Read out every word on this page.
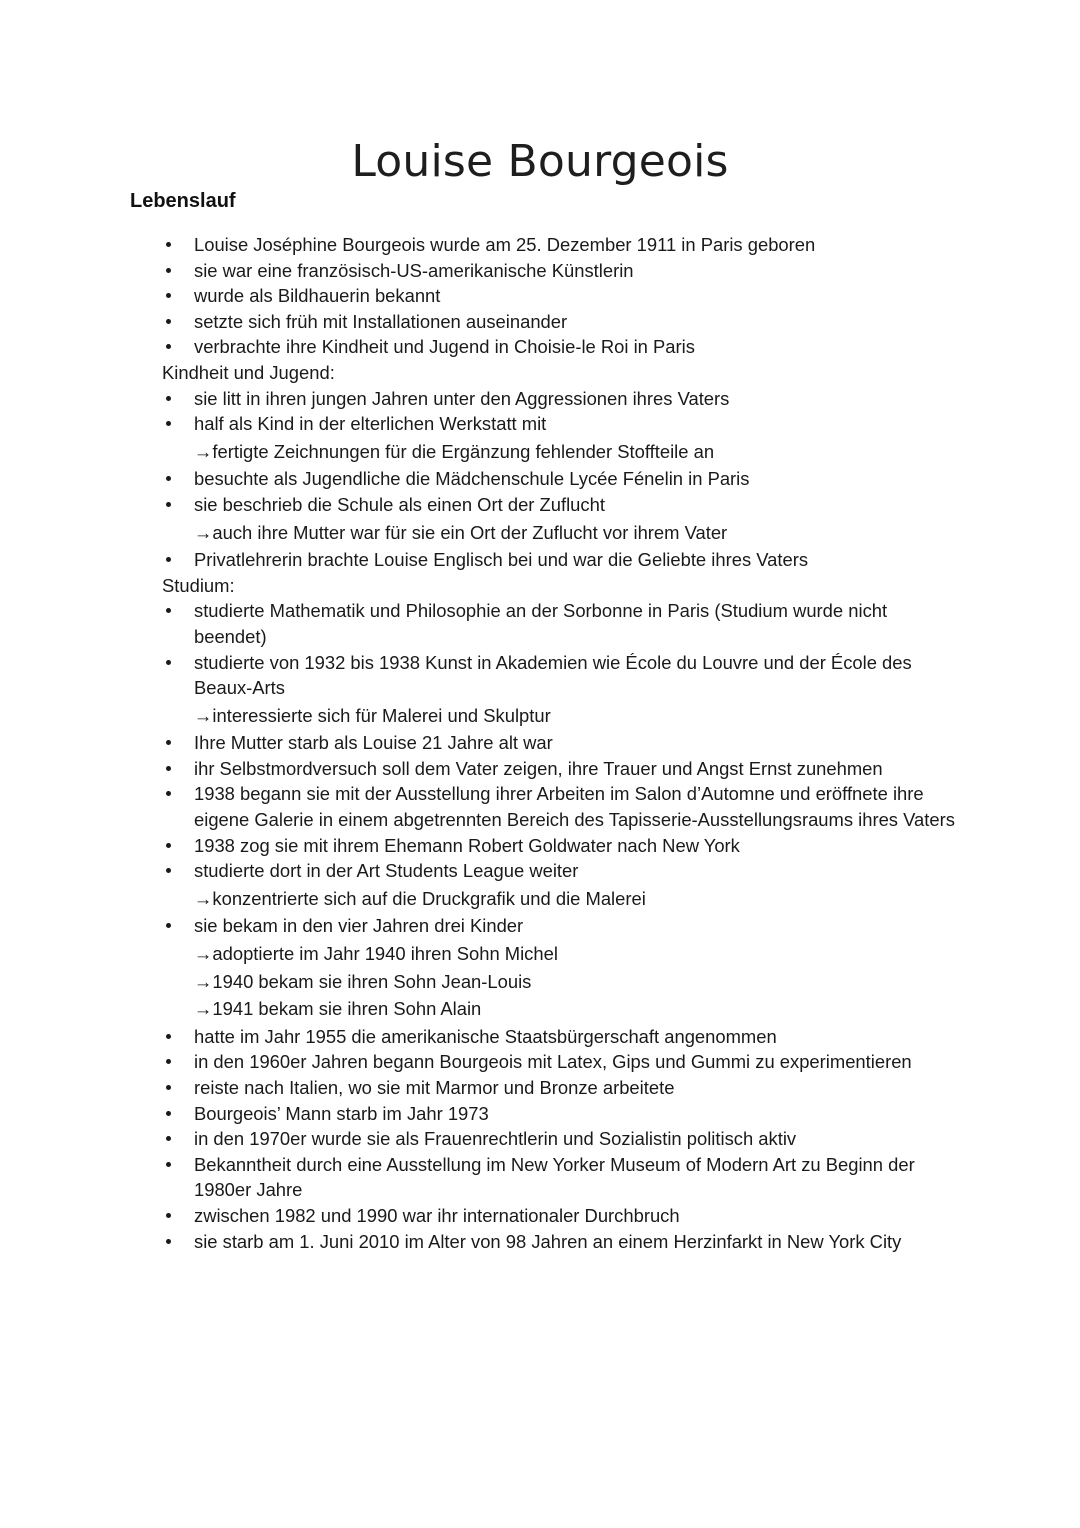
Louise Bourgeois
Lebenslauf
Louise Joséphine Bourgeois wurde am 25. Dezember 1911 in Paris geboren
sie war eine französisch-US-amerikanische Künstlerin
wurde als Bildhauerin bekannt
setzte sich früh mit Installationen auseinander
verbrachte ihre Kindheit und Jugend in Choisie-le Roi in Paris
Kindheit und Jugend:
sie litt in ihren jungen Jahren unter den Aggressionen ihres Vaters
half als Kind in der elterlichen Werkstatt mit
→fertigte Zeichnungen für die Ergänzung fehlender Stoffteile an
besuchte als Jugendliche die Mädchenschule Lycée Fénelin in Paris
sie beschrieb die Schule als einen Ort der Zuflucht
→auch ihre Mutter war für sie ein Ort der Zuflucht vor ihrem Vater
Privatlehrerin brachte Louise Englisch bei und war die Geliebte ihres Vaters
Studium:
studierte Mathematik und Philosophie an der Sorbonne in Paris (Studium wurde nicht beendet)
studierte von 1932 bis 1938 Kunst in Akademien wie École du Louvre und der École des Beaux-Arts
→interessierte sich für Malerei und Skulptur
Ihre Mutter starb als Louise 21 Jahre alt war
ihr Selbstmordversuch soll dem Vater zeigen, ihre Trauer und Angst Ernst zunehmen
1938 begann sie mit der Ausstellung ihrer Arbeiten im Salon d’Automne und eröffnete ihre eigene Galerie in einem abgetrennten Bereich des Tapisserie-Ausstellungsraums ihres Vaters
1938 zog sie mit ihrem Ehemann Robert Goldwater nach New York
studierte dort in der Art Students League weiter
→konzentrierte sich auf die Druckgrafik und die Malerei
sie bekam in den vier Jahren drei Kinder
→adoptierte im Jahr 1940 ihren Sohn Michel
→1940 bekam sie ihren Sohn Jean-Louis
→1941 bekam sie ihren Sohn Alain
hatte im Jahr 1955 die amerikanische Staatsbürgerschaft angenommen
in den 1960er Jahren begann Bourgeois mit Latex, Gips und Gummi zu experimentieren
reiste nach Italien, wo sie mit Marmor und Bronze arbeitete
Bourgeois’ Mann starb im Jahr 1973
in den 1970er wurde sie als Frauenrechtlerin und Sozialistin politisch aktiv
Bekanntheit durch eine Ausstellung im New Yorker Museum of Modern Art zu Beginn der 1980er Jahre
zwischen 1982 und 1990 war ihr internationaler Durchbruch
sie starb am 1. Juni 2010 im Alter von 98 Jahren an einem Herzinfarkt in New York City
